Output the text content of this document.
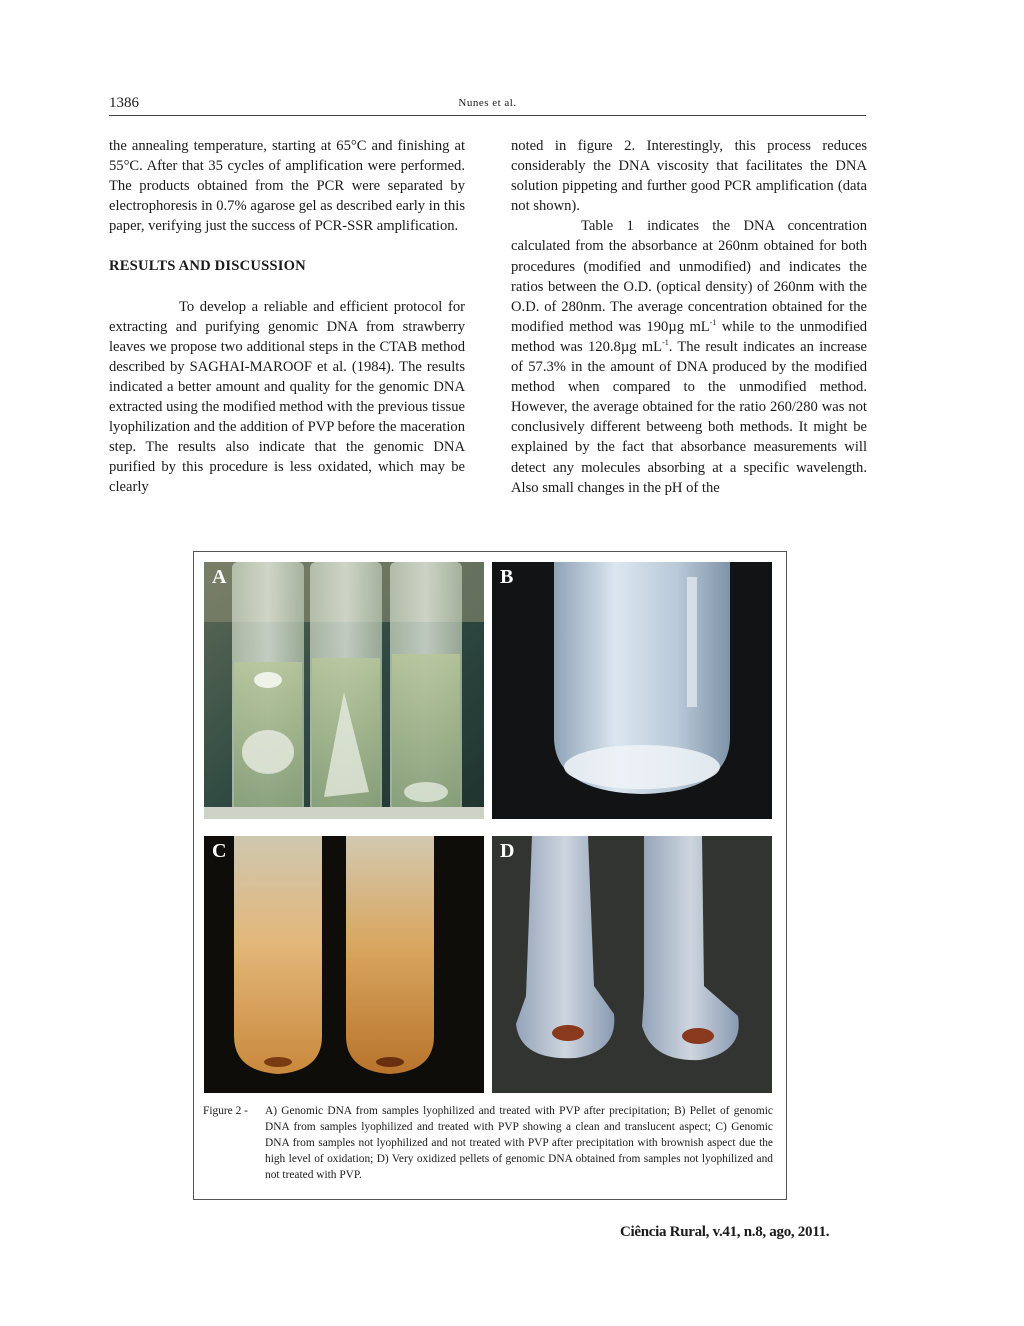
1386	Nunes et al.

the annealing temperature, starting at 65°C and finishing at 55°C. After that 35 cycles of amplification were performed. The products obtained from the PCR were separated by electrophoresis in 0.7% agarose gel as described early in this paper, verifying just the success of PCR-SSR amplification.

RESULTS AND DISCUSSION

To develop a reliable and efficient protocol for extracting and purifying genomic DNA from strawberry leaves we propose two additional steps in the CTAB method described by SAGHAI-MAROOF et al. (1984). The results indicated a better amount and quality for the genomic DNA extracted using the modified method with the previous tissue lyophilization and the addition of PVP before the maceration step. The results also indicate that the genomic DNA purified by this procedure is less oxidated, which may be clearly

noted in figure 2. Interestingly, this process reduces considerably the DNA viscosity that facilitates the DNA solution pippeting and further good PCR amplification (data not shown).

Table 1 indicates the DNA concentration calculated from the absorbance at 260nm obtained for both procedures (modified and unmodified) and indicates the ratios between the O.D. (optical density) of 260nm with the O.D. of 280nm. The average concentration obtained for the modified method was 190µg $mL^{-1}$ while to the unmodified method was 120.8µg $mL^{-1}$. The result indicates an increase of 57.3% in the amount of DNA produced by the modified method when compared to the unmodified method. However, the average obtained for the ratio 260/280 was not conclusively different betweeng both methods. It might be explained by the fact that absorbance measurements will detect any molecules absorbing at a specific wavelength. Also small changes in the pH of the

A	B
C	D
Figure 2 - A) Genomic DNA from samples lyophilized and treated with PVP after precipitation; B) Pellet of genomic DNA from samples lyophilized and treated with PVP showing a clean and translucent aspect; C) Genomic DNA from samples not lyophilized and not treated with PVP after precipitation with brownish aspect due the high level of oxidation; D) Very oxidized pellets of genomic DNA obtained from samples not lyophilized and not treated with PVP.
Ciência Rural, v.41, n.8, ago, 2011.
